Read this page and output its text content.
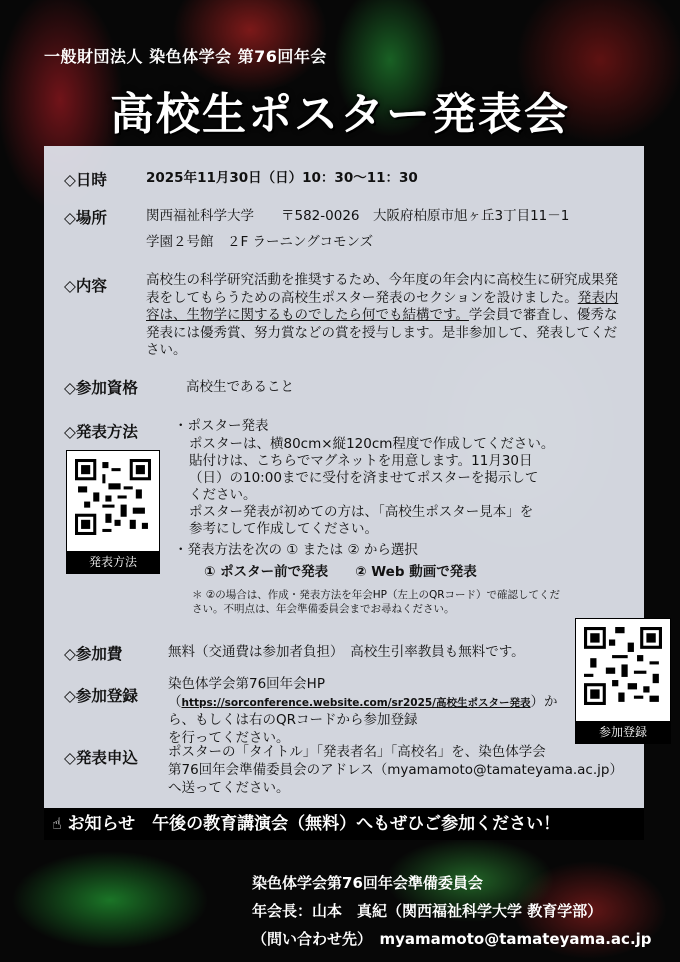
一般財団法人 染色体学会 第76回年会
高校生ポスター発表会
◇日時	2025年11月30日（日）10：30〜11：30
◇場所	関西福祉科学大学　　〒582-0026　大阪府柏原市旭ヶ丘3丁目11－1
学園２号館　２F ラーニングコモンズ
◇内容	高校生の科学研究活動を推奨するため、今年度の年会内に高校生に研究成果発表をしてもらうための高校生ポスター発表のセクションを設けました。発表内容は、生物学に関するものでしたら何でも結構です。学会員で審査し、優秀な発表には優秀賞、努力賞などの賞を授与します。是非参加して、発表してください。
◇参加資格	高校生であること
◇発表方法	・ポスター発表
ポスターは、横80cm×縦120cm程度で作成してください。
貼付けは、こちらでマグネットを用意します。11月30日
（日）の10:00までに受付を済ませてポスターを掲示して
ください。
ポスター発表が初めての方は、「高校生ポスター見本」を
参考にして作成してください。
・発表方法を次の ① または ② から選択
① ポスター前で発表　　② Web 動画で発表
＊ ②の場合は、作成・発表方法を年会HP（左上のQRコード）で確認してくだ
さい。不明点は、年会準備委員会までお尋ねください。
発表方法
◇参加費	無料（交通費は参加者負担）　高校生引率教員も無料です。
◇参加登録
染色体学会第76回年会HP（https://sorconference.website.com/sr2025/高校生ポスター発表）から、もしくは右のQRコードから参加登録
を行ってください。	参加登録
◇発表申込 ポスターの「タイトル」「発表者名」「高校名」を、染色体学会
第76回年会準備委員会のアドレス（myamamoto@tamateyama.ac.jp）
へ送ってください。
☝ お知らせ　午後の教育講演会（無料）へもぜひご参加ください！
染色体学会第76回年会準備委員会
年会長：山本　真紀（関西福祉科学大学 教育学部）
（問い合わせ先）　myamamoto@tamateyama.ac.jp
